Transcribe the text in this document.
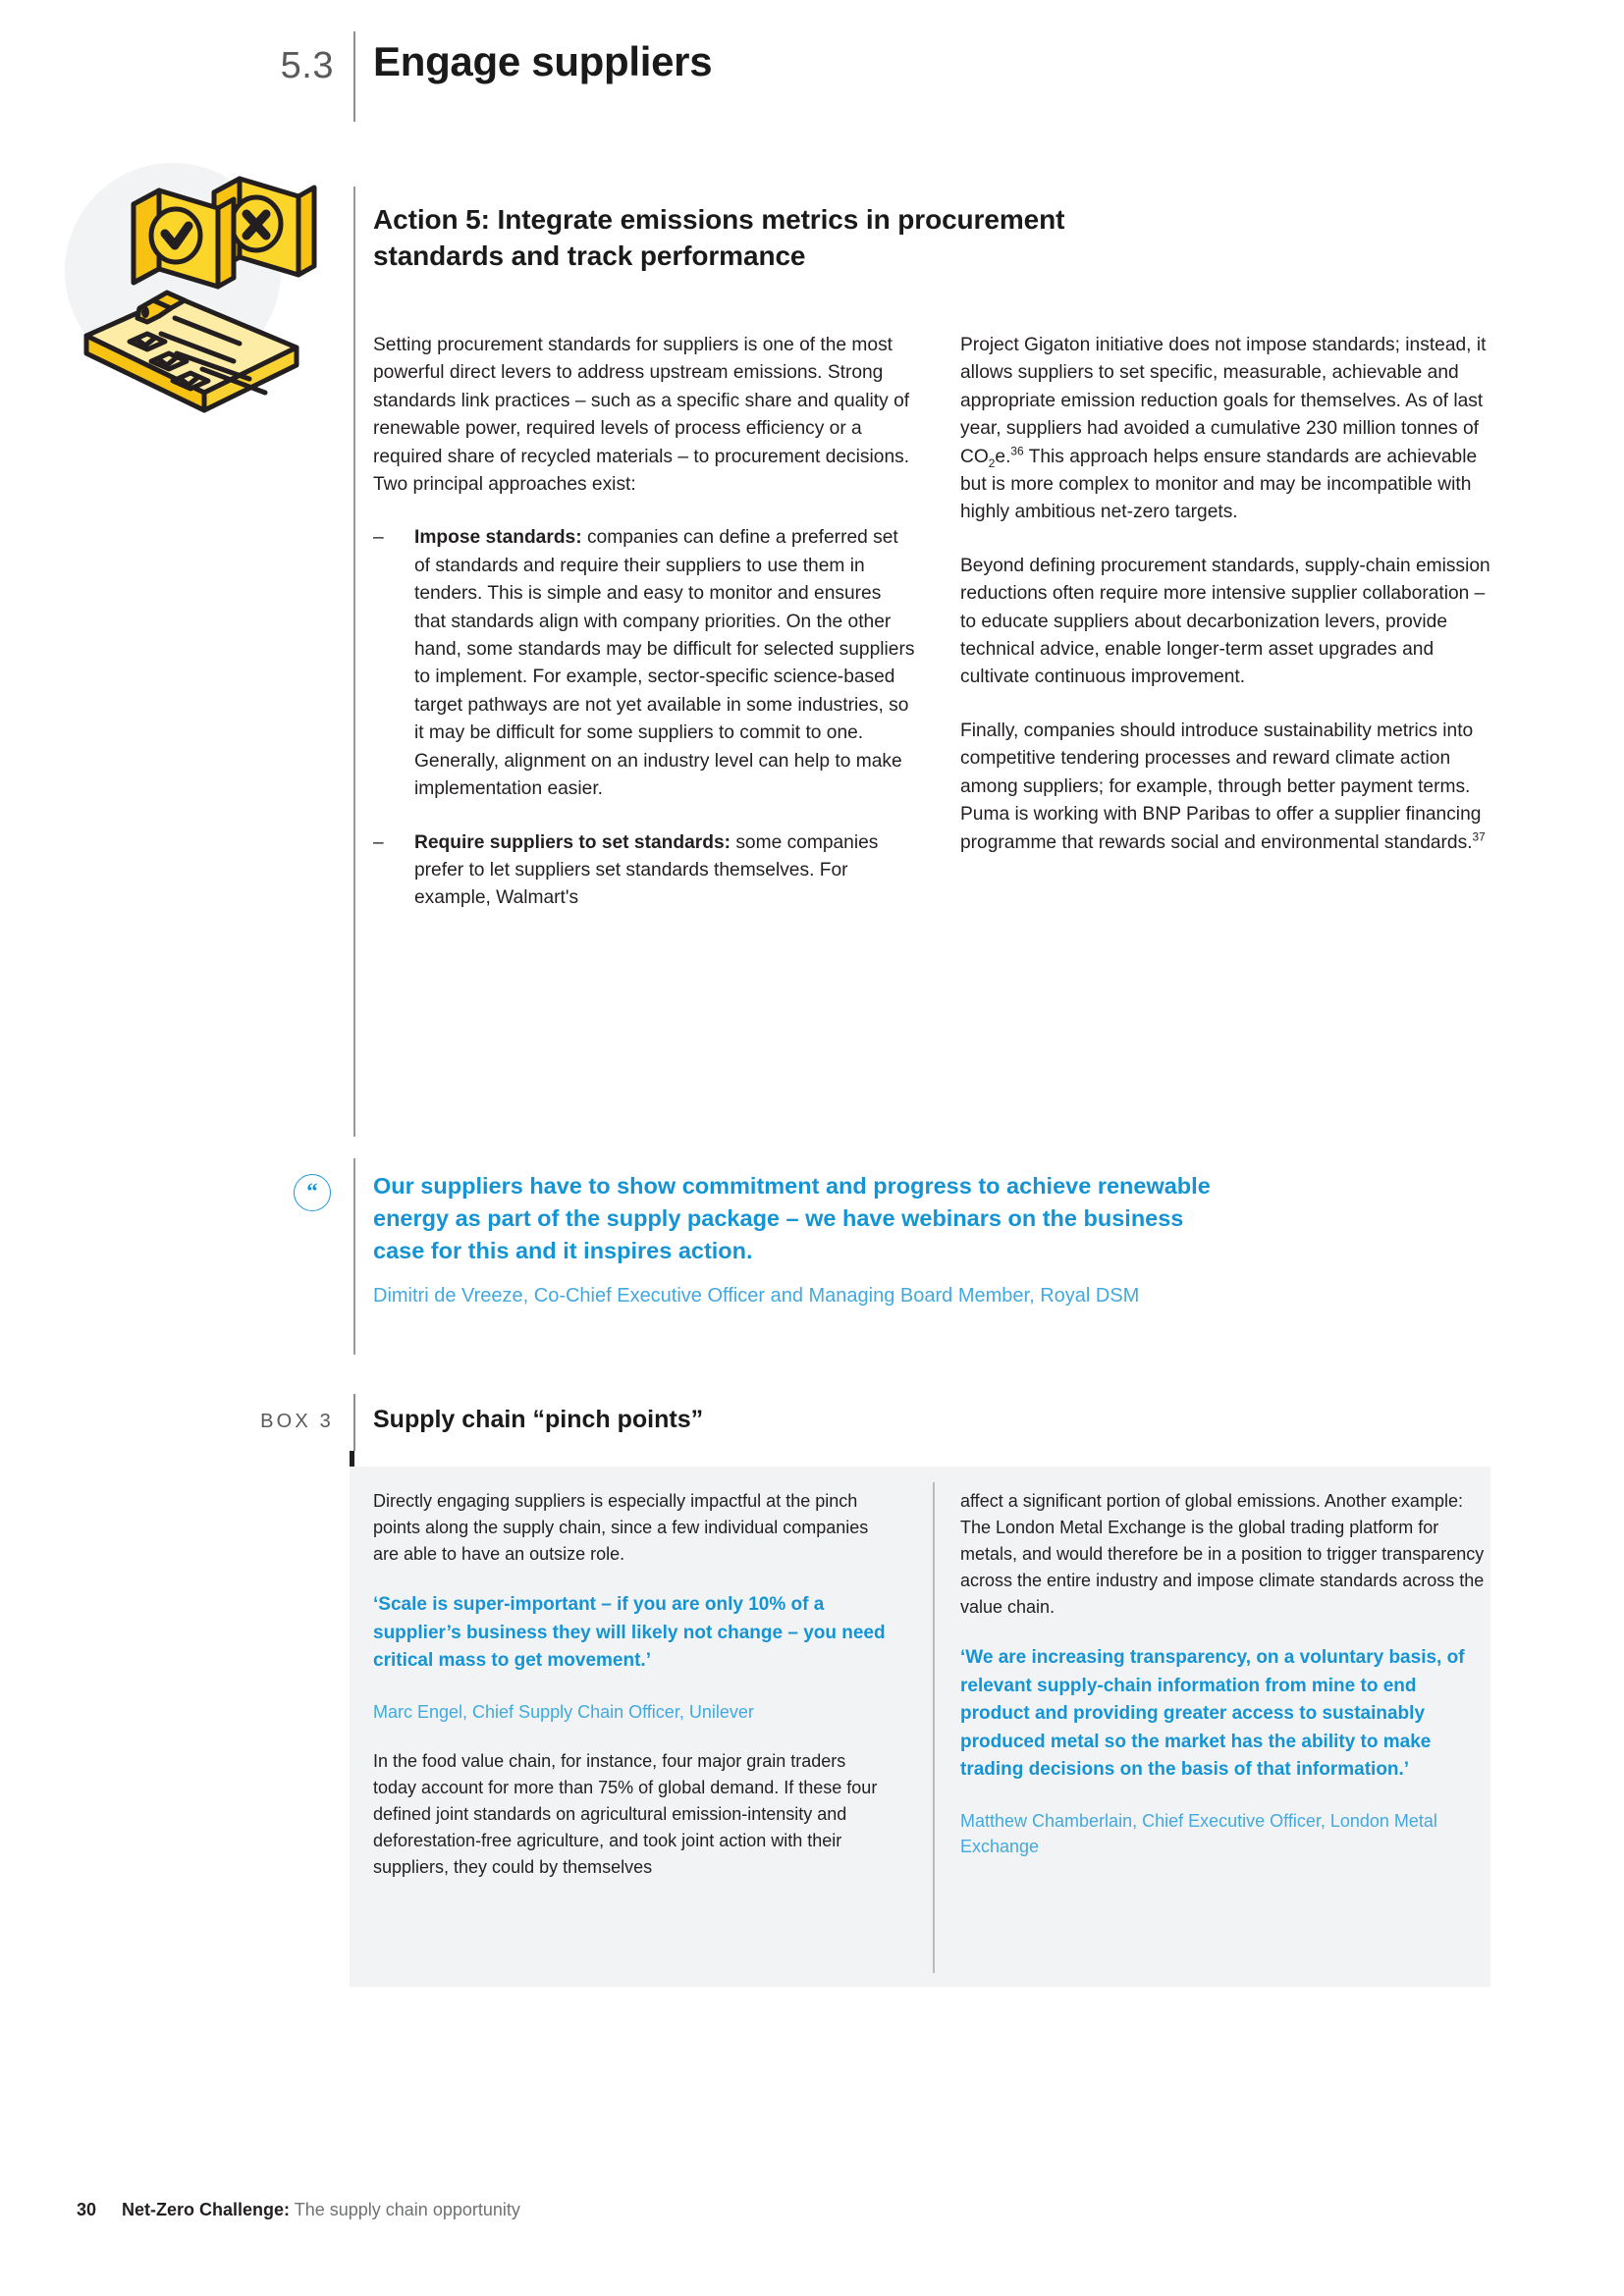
5.3 Engage suppliers
Action 5: Integrate emissions metrics in procurement
standards and track performance

Setting procurement standards for suppliers is one of the most powerful direct levers to address upstream emissions. Strong standards link practices – such as a specific share and quality of renewable power, required levels of process efficiency or a required share of recycled materials – to procurement decisions. Two principal approaches exist:

– Impose standards: companies can define a preferred set of standards and require their suppliers to use them in tenders. This is simple and easy to monitor and ensures that standards align with company priorities. On the other hand, some standards may be difficult for selected suppliers to implement. For example, sector-specific science-based target pathways are not yet available in some industries, so it may be difficult for some suppliers to commit to one. Generally, alignment on an industry level can help to make implementation easier.
– Require suppliers to set standards: some companies prefer to let suppliers set standards themselves. For example, Walmart's

Project Gigaton initiative does not impose standards; instead, it allows suppliers to set specific, measurable, achievable and appropriate emission reduction goals for themselves. As of last year, suppliers had avoided a cumulative 230 million tonnes of $CO_2e.^{36}$ This approach helps ensure standards are achievable but is more complex to monitor and may be incompatible with highly ambitious net-zero targets.

Beyond defining procurement standards, supply-chain emission reductions often require more intensive supplier collaboration – to educate suppliers about decarbonization levers, provide technical advice, enable longer-term asset upgrades and cultivate continuous improvement.

Finally, companies should introduce sustainability metrics into competitive tendering processes and reward climate action among suppliers; for example, through better payment terms. Puma is working with BNP Paribas to offer a supplier financing programme that rewards social and environmental standards.$^{37}$

“	Our suppliers have to show commitment and progress to achieve renewable energy as part of the supply package – we have webinars on the business case for this and it inspires action.
Dimitri de Vreeze, Co-Chief Executive Officer and Managing Board Member, Royal DSM
BOX 3 Supply chain “pinch points”

Directly engaging suppliers is especially impactful at the pinch points along the supply chain, since a few individual companies are able to have an outsize role.

‘Scale is super-important – if you are only 10% of a supplier’s business they will likely not change – you need critical mass to get movement.’

Marc Engel, Chief Supply Chain Officer, Unilever

In the food value chain, for instance, four major grain traders today account for more than 75% of global demand. If these four defined joint standards on agricultural emission-intensity and deforestation-free agriculture, and took joint action with their suppliers, they could by themselves

affect a significant portion of global emissions. Another example: The London Metal Exchange is the global trading platform for metals, and would therefore be in a position to trigger transparency across the entire industry and impose climate standards across the value chain.

‘We are increasing transparency, on a voluntary basis, of relevant supply-chain information from mine to end product and providing greater access to sustainably produced metal so the market has the ability to make trading decisions on the basis of that information.’

Matthew Chamberlain, Chief Executive Officer, London Metal Exchange

30 Net-Zero Challenge: The supply chain opportunity
